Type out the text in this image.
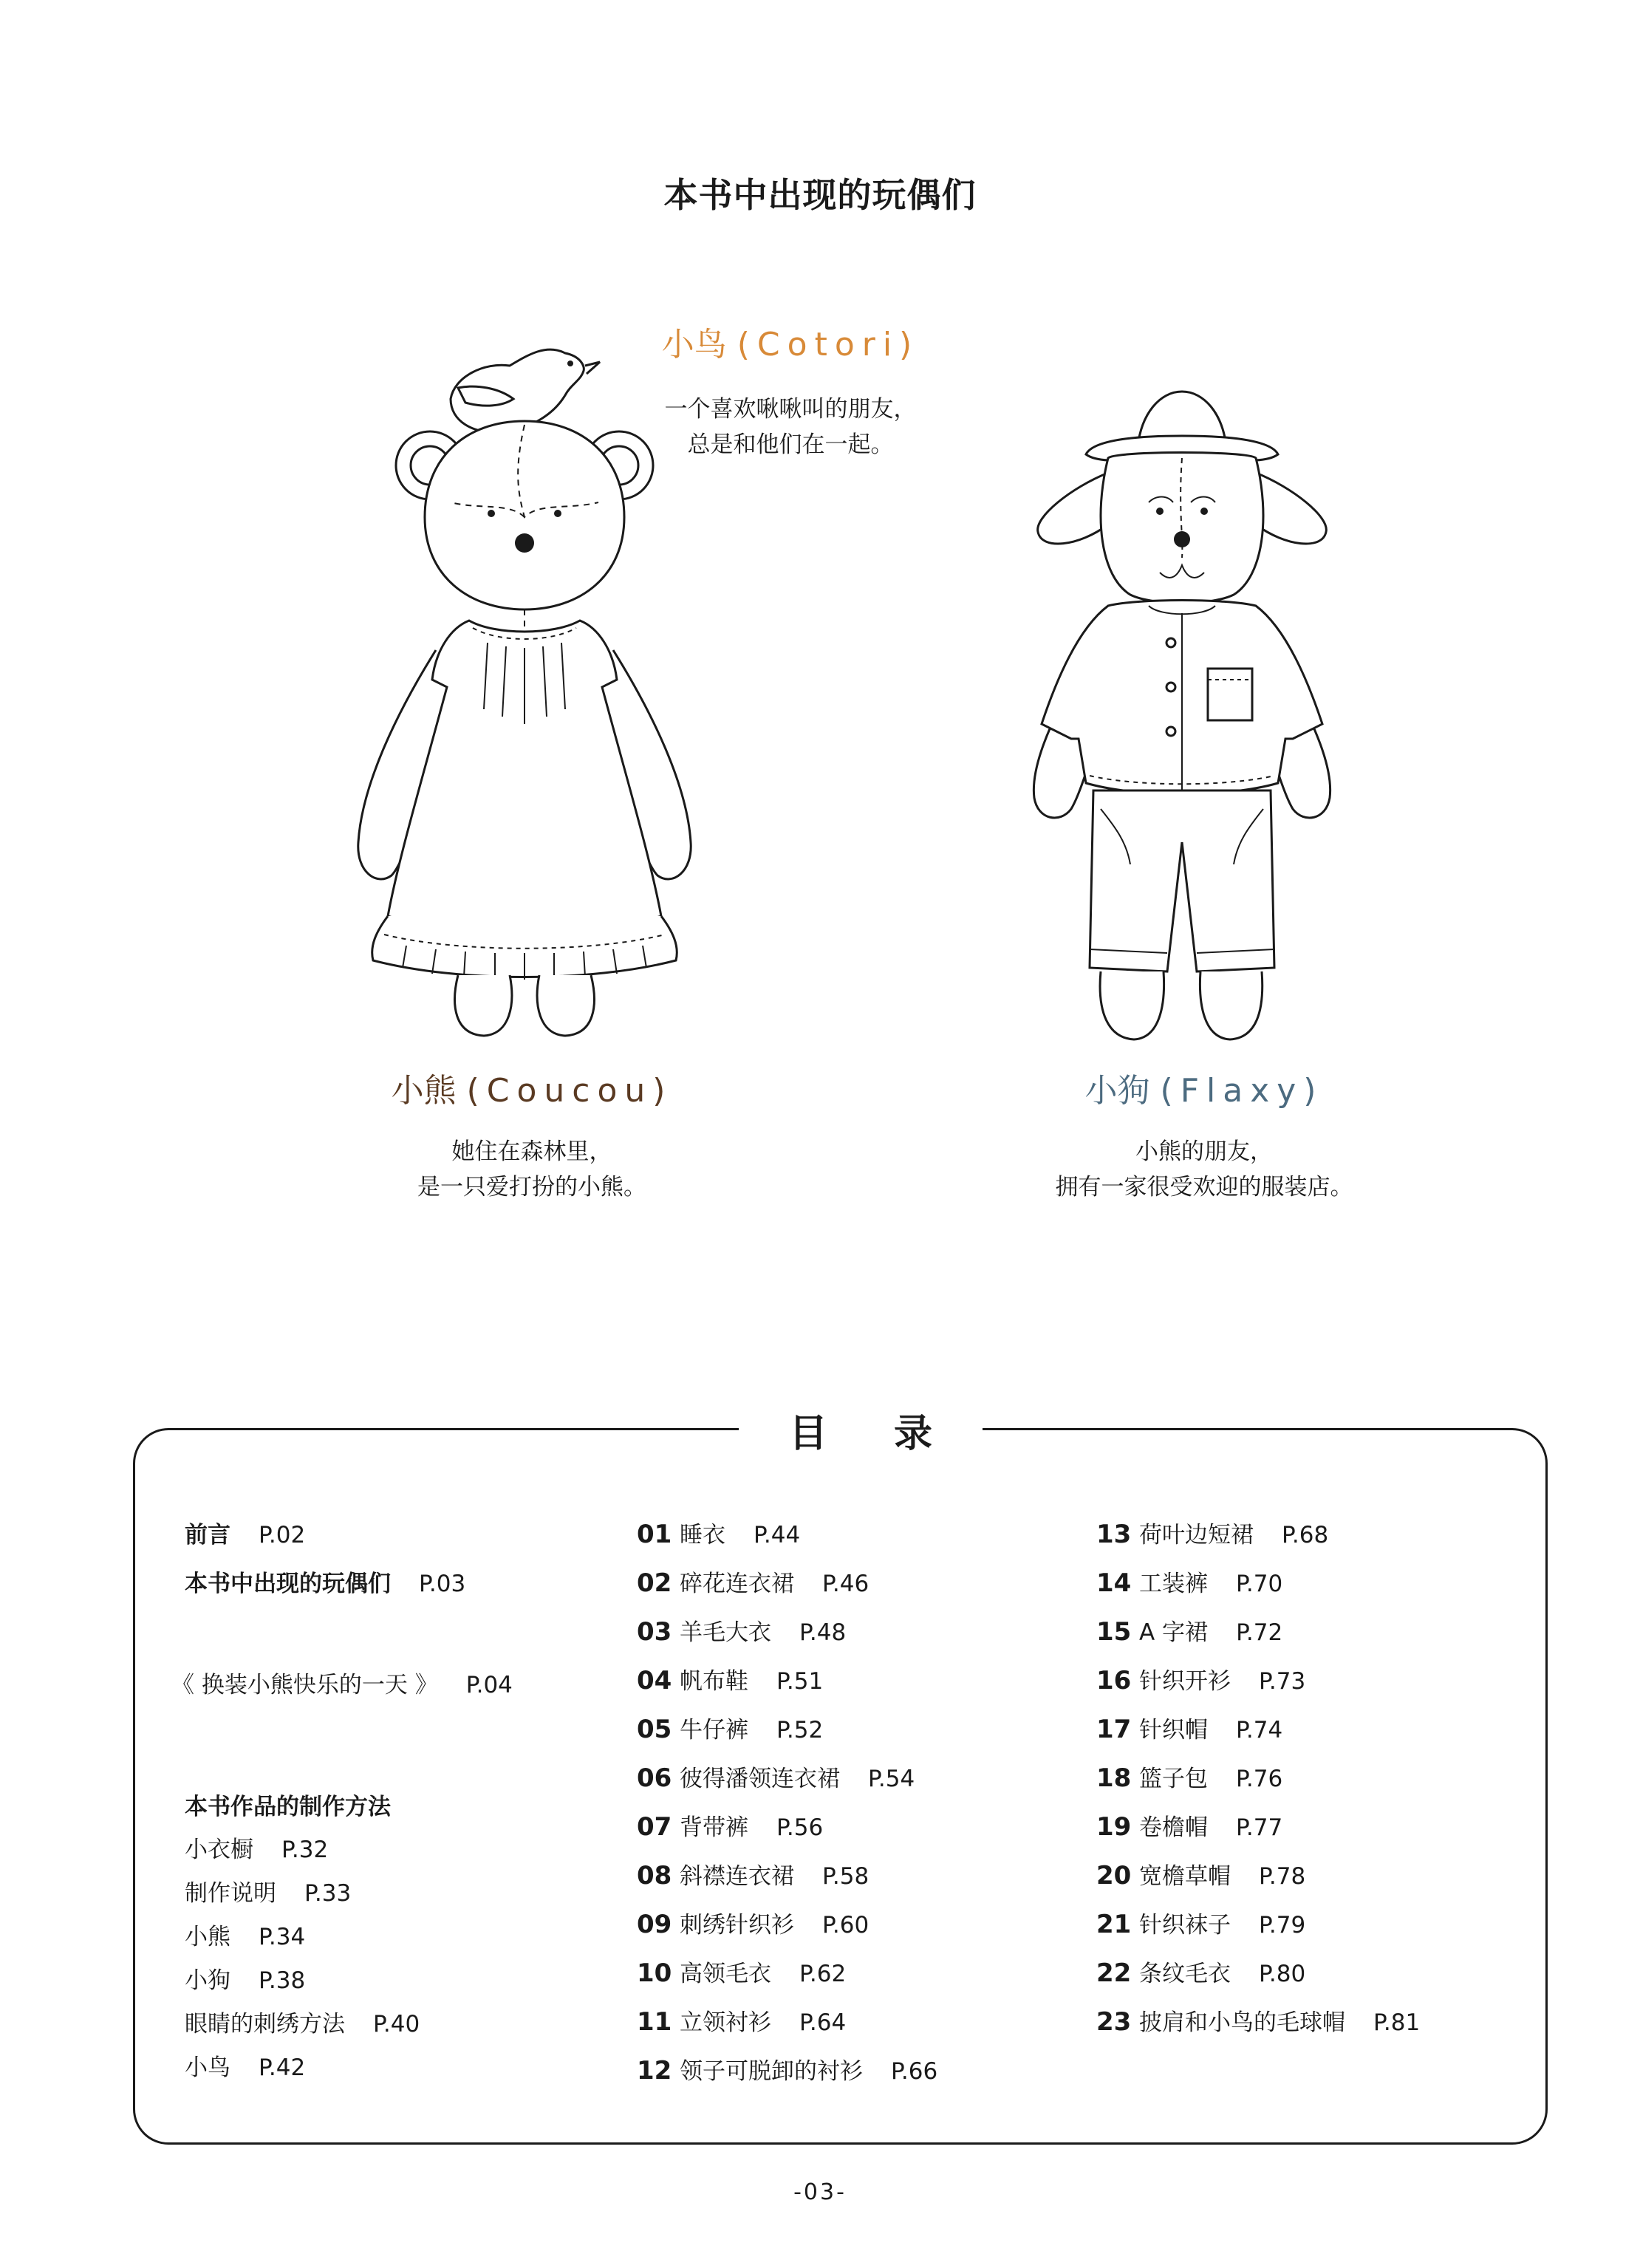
本书中出现的玩偶们
小鸟 (Cotori)
一个喜欢啾啾叫的朋友，
总是和他们在一起。
小熊 (Coucou)
她住在森林里，
是一只爱打扮的小熊。
小狗 (Flaxy)
小熊的朋友，
拥有一家很受欢迎的服装店。
目 录
前言 P.02
本书中出现的玩偶们 P.03
《 换装小熊快乐的一天 》 P.04
本书作品的制作方法
小衣橱 P.32
制作说明 P.33
小熊 P.34
小狗 P.38
眼睛的刺绣方法 P.40
小鸟 P.42
01 睡衣 P.44
02 碎花连衣裙 P.46
03 羊毛大衣 P.48
04 帆布鞋 P.51
05 牛仔裤 P.52
06 彼得潘领连衣裙 P.54
07 背带裤 P.56
08 斜襟连衣裙 P.58
09 刺绣针织衫 P.60
10 高领毛衣 P.62
11 立领衬衫 P.64
12 领子可脱卸的衬衫 P.66
13 荷叶边短裙 P.68
14 工装裤 P.70
15 A 字裙 P.72
16 针织开衫 P.73
17 针织帽 P.74
18 篮子包 P.76
19 卷檐帽 P.77
20 宽檐草帽 P.78
21 针织袜子 P.79
22 条纹毛衣 P.80
23 披肩和小鸟的毛球帽 P.81
-03-
